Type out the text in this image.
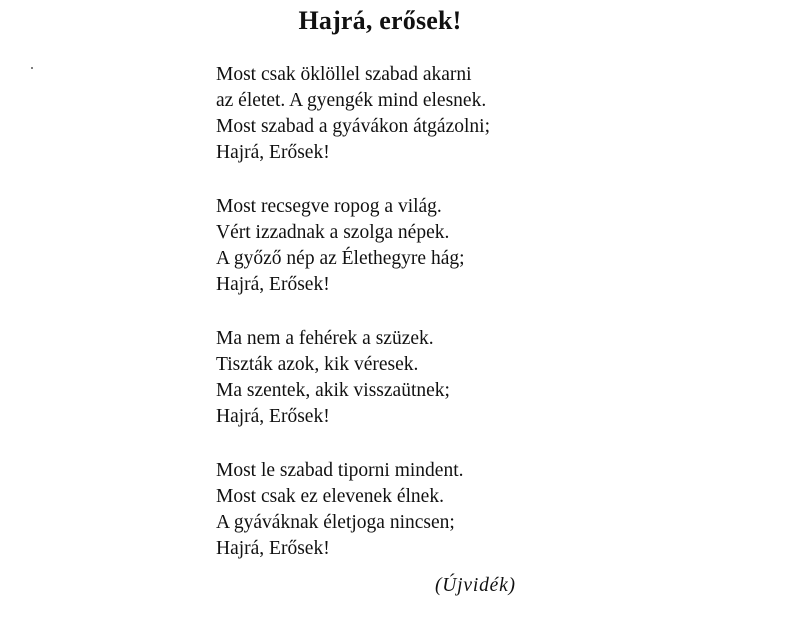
Hajrá, erősek!
Most csak öklöllel szabad akarni
az életet. A gyengék mind elesnek.
Most szabad a gyávákon átgázolni;
Hajrá, Erősek!
Most recsegve ropog a világ.
Vért izzadnak a szolga népek.
A győző nép az Élethegyre hág;
Hajrá, Erősek!
Ma nem a fehérek a szüzek.
Tiszták azok, kik véresek.
Ma szentek, akik visszaütnek;
Hajrá, Erősek!
Most le szabad tiporni mindent.
Most csak ez elevenek élnek.
A gyáváknak életjoga nincsen;
Hajrá, Erősek!
(Újvidék)
